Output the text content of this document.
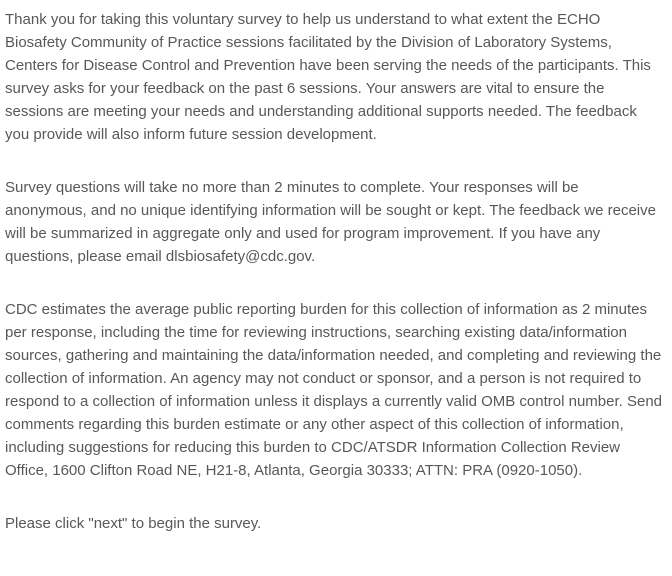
Thank you for taking this voluntary survey to help us understand to what extent the ECHO Biosafety Community of Practice sessions facilitated by the Division of Laboratory Systems, Centers for Disease Control and Prevention have been serving the needs of the participants. This survey asks for your feedback on the past 6 sessions. Your answers are vital to ensure the sessions are meeting your needs and understanding additional supports needed. The feedback you provide will also inform future session development.

Survey questions will take no more than 2 minutes to complete. Your responses will be anonymous, and no unique identifying information will be sought or kept. The feedback we receive will be summarized in aggregate only and used for program improvement. If you have any questions, please email dlsbiosafety@cdc.gov.

CDC estimates the average public reporting burden for this collection of information as 2 minutes per response, including the time for reviewing instructions, searching existing data/information sources, gathering and maintaining the data/information needed, and completing and reviewing the collection of information. An agency may not conduct or sponsor, and a person is not required to respond to a collection of information unless it displays a currently valid OMB control number. Send comments regarding this burden estimate or any other aspect of this collection of information, including suggestions for reducing this burden to CDC/ATSDR Information Collection Review Office, 1600 Clifton Road NE, H21-8, Atlanta, Georgia 30333; ATTN: PRA (0920-1050).

Please click "next" to begin the survey.
